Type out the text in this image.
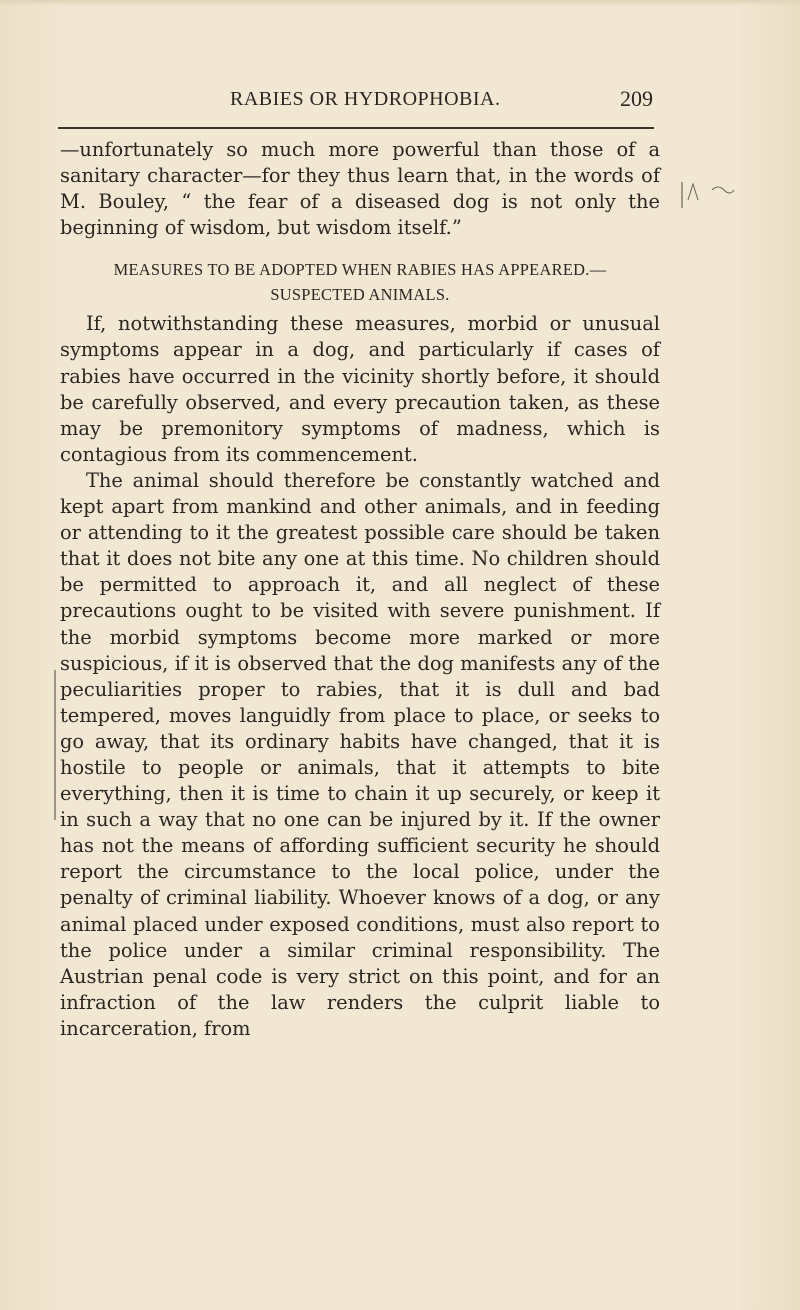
RABIES OR HYDROPHOBIA.	209

—unfortunately so much more powerful than those of a sanitary character—for they thus learn that, in the words of M. Bouley, “ the fear of a diseased dog is not only the beginning of wisdom, but wisdom itself.”

MEASURES TO BE ADOPTED WHEN RABIES HAS APPEARED.—
SUSPECTED ANIMALS.

If, notwithstanding these measures, morbid or unusual symptoms appear in a dog, and particularly if cases of rabies have occurred in the vicinity shortly before, it should be carefully observed, and every precaution taken, as these may be premonitory symptoms of madness, which is contagious from its commencement.

The animal should therefore be constantly watched and kept apart from mankind and other animals, and in feeding or attending to it the greatest possible care should be taken that it does not bite any one at this time. No children should be permitted to approach it, and all neglect of these precautions ought to be visited with severe punishment. If the morbid symptoms become more marked or more suspicious, if it is observed that the dog manifests any of the peculiarities proper to rabies, that it is dull and bad tempered, moves languidly from place to place, or seeks to go away, that its ordinary habits have changed, that it is hostile to people or animals, that it attempts to bite everything, then it is time to chain it up securely, or keep it in such a way that no one can be injured by it. If the owner has not the means of affording sufficient security he should report the circumstance to the local police, under the penalty of criminal liability. Whoever knows of a dog, or any animal placed under exposed conditions, must also report to the police under a similar criminal responsibility. The Austrian penal code is very strict on this point, and for an infraction of the law renders the culprit liable to incarceration, from
